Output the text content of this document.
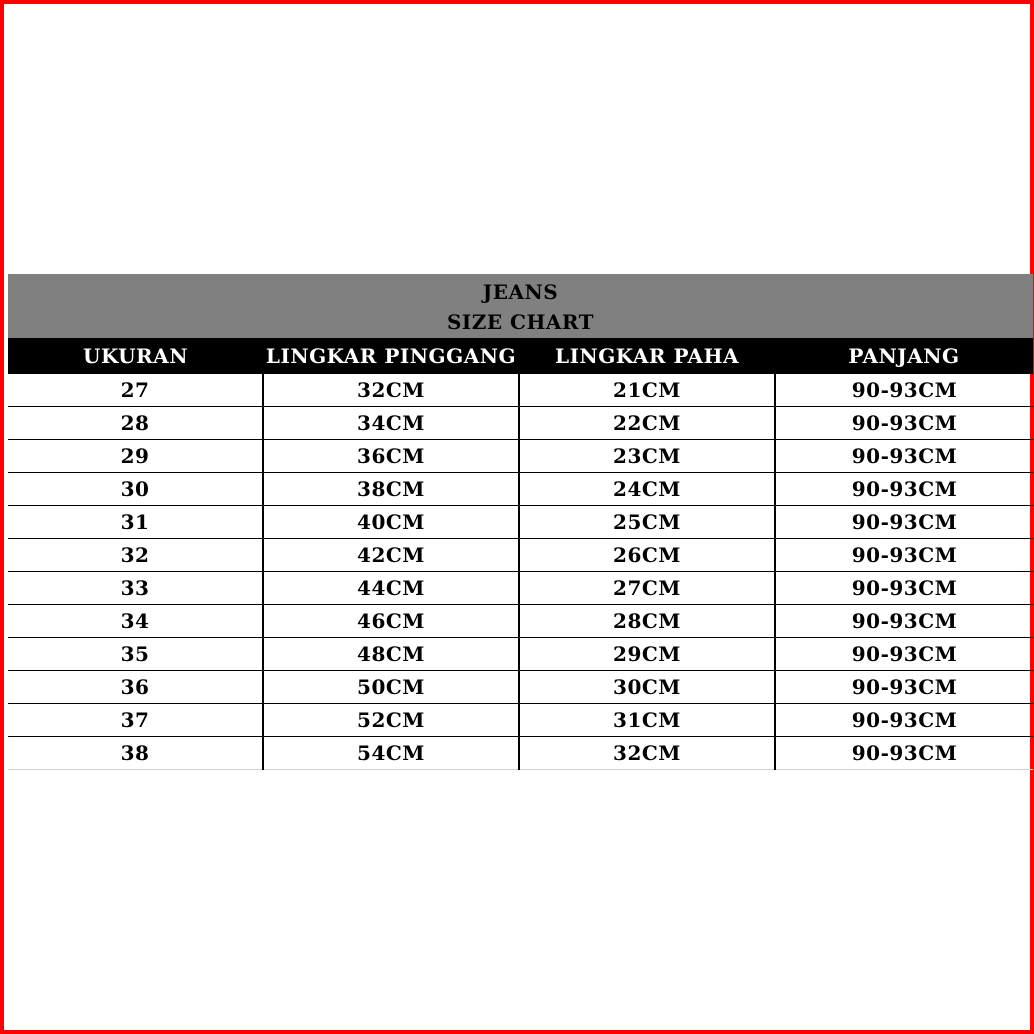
JEANS
SIZE CHART
UKURAN	LINGKAR PINGGANG	LINGKAR PAHA	PANJANG
27	32CM	21CM	90-93CM
28	34CM	22CM	90-93CM
29	36CM	23CM	90-93CM
30	38CM	24CM	90-93CM
31	40CM	25CM	90-93CM
32	42CM	26CM	90-93CM
33	44CM	27CM	90-93CM
34	46CM	28CM	90-93CM
35	48CM	29CM	90-93CM
36	50CM	30CM	90-93CM
37	52CM	31CM	90-93CM
38	54CM	32CM	90-93CM
